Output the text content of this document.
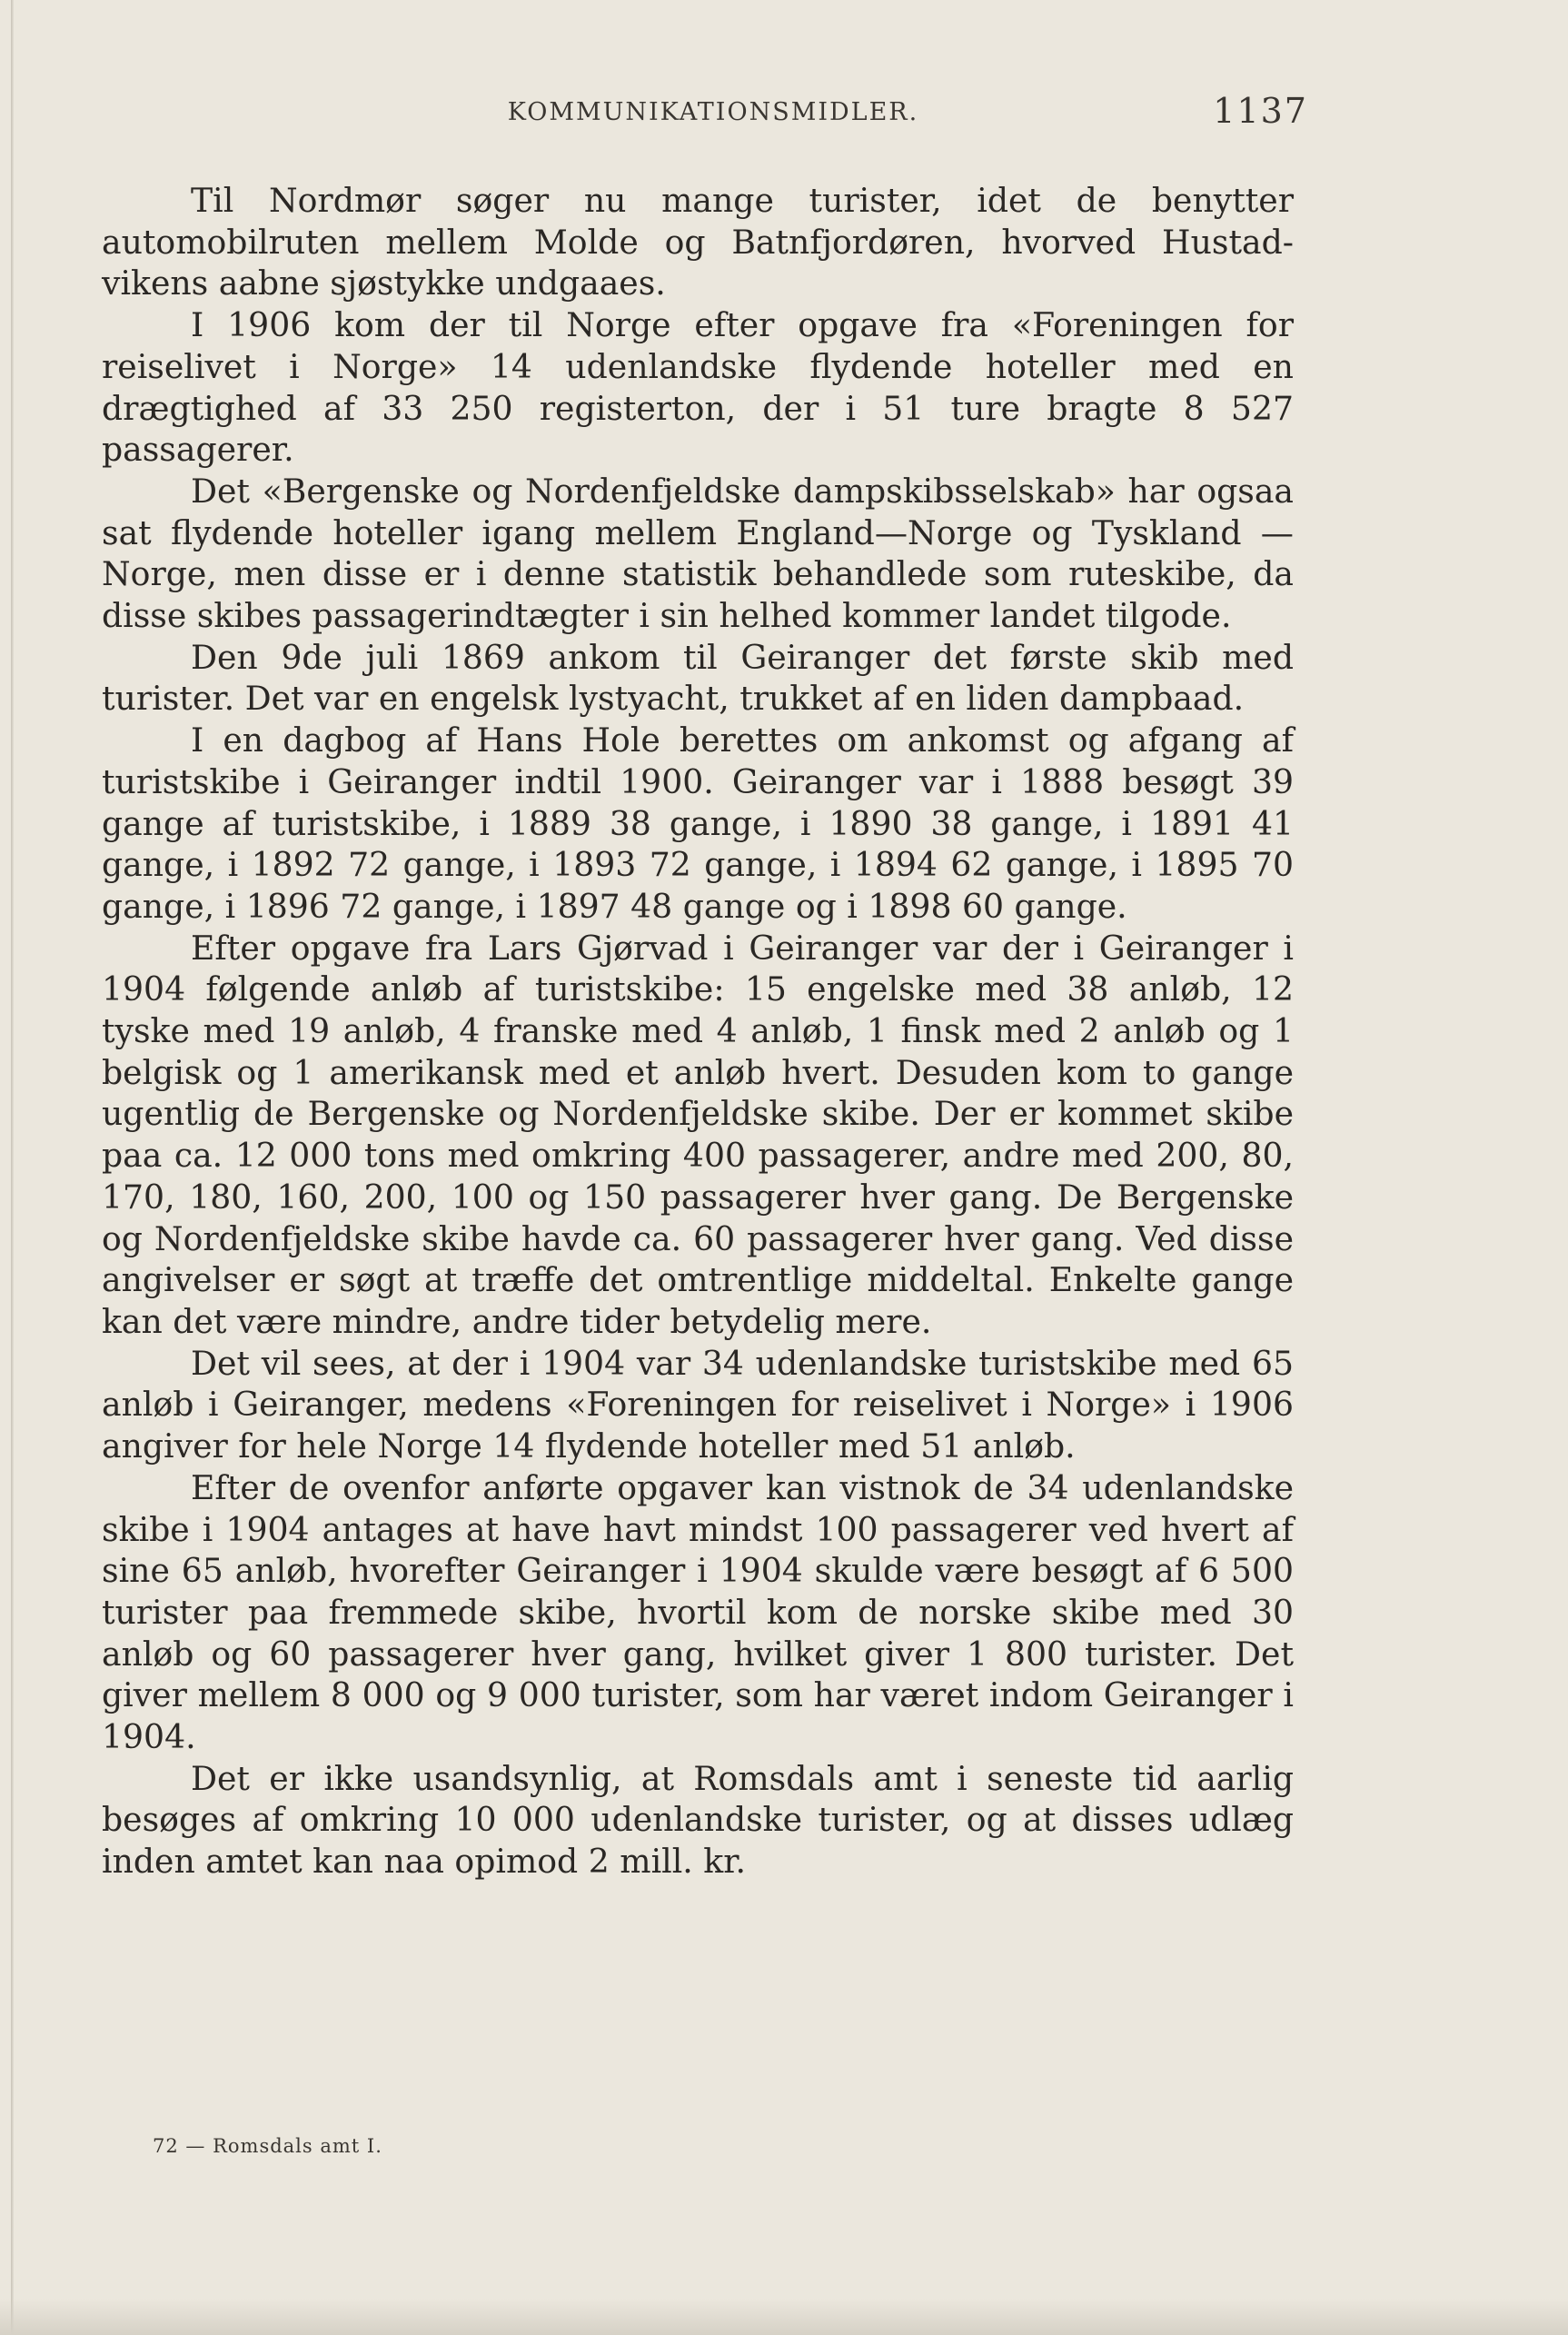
KOMMUNIKATIONSMIDLER.	1137

Til Nordmør søger nu mange turister, idet de benytter automobilruten mellem Molde og Batnfjordøren, hvorved Hustadvikens aabne sjøstykke undgaaes.

I 1906 kom der til Norge efter opgave fra «Foreningen for reiselivet i Norge» 14 udenlandske flydende hoteller med en drægtighed af 33 250 registerton, der i 51 ture bragte 8 527 passagerer.

Det «Bergenske og Nordenfjeldske dampskibsselskab» har ogsaa sat flydende hoteller igang mellem England—Norge og Tyskland —Norge, men disse er i denne statistik behandlede som ruteskibe, da disse skibes passagerindtægter i sin helhed kommer landet tilgode.

Den 9de juli 1869 ankom til Geiranger det første skib med turister. Det var en engelsk lystyacht, trukket af en liden dampbaad.

I en dagbog af Hans Hole berettes om ankomst og afgang af turistskibe i Geiranger indtil 1900. Geiranger var i 1888 besøgt 39 gange af turistskibe, i 1889 38 gange, i 1890 38 gange, i 1891 41 gange, i 1892 72 gange, i 1893 72 gange, i 1894 62 gange, i 1895 70 gange, i 1896 72 gange, i 1897 48 gange og i 1898 60 gange.

Efter opgave fra Lars Gjørvad i Geiranger var der i Geiranger i 1904 følgende anløb af turistskibe: 15 engelske med 38 anløb, 12 tyske med 19 anløb, 4 franske med 4 anløb, 1 finsk med 2 anløb og 1 belgisk og 1 amerikansk med et anløb hvert. Desuden kom to gange ugentlig de Bergenske og Nordenfjeldske skibe. Der er kommet skibe paa ca. 12 000 tons med omkring 400 passagerer, andre med 200, 80, 170, 180, 160, 200, 100 og 150 passagerer hver gang. De Bergenske og Nordenfjeldske skibe havde ca. 60 passagerer hver gang. Ved disse angivelser er søgt at træffe det omtrentlige middeltal. Enkelte gange kan det være mindre, andre tider betydelig mere.

Det vil sees, at der i 1904 var 34 udenlandske turistskibe med 65 anløb i Geiranger, medens «Foreningen for reiselivet i Norge» i 1906 angiver for hele Norge 14 flydende hoteller med 51 anløb.

Efter de ovenfor anførte opgaver kan vistnok de 34 udenlandske skibe i 1904 antages at have havt mindst 100 passagerer ved hvert af sine 65 anløb, hvorefter Geiranger i 1904 skulde være besøgt af 6 500 turister paa fremmede skibe, hvortil kom de norske skibe med 30 anløb og 60 passagerer hver gang, hvilket giver 1 800 turister. Det giver mellem 8 000 og 9 000 turister, som har været indom Geiranger i 1904.

Det er ikke usandsynlig, at Romsdals amt i seneste tid aarlig besøges af omkring 10 000 udenlandske turister, og at disses udlæg inden amtet kan naa opimod 2 mill. kr.

72 — Romsdals amt I.
